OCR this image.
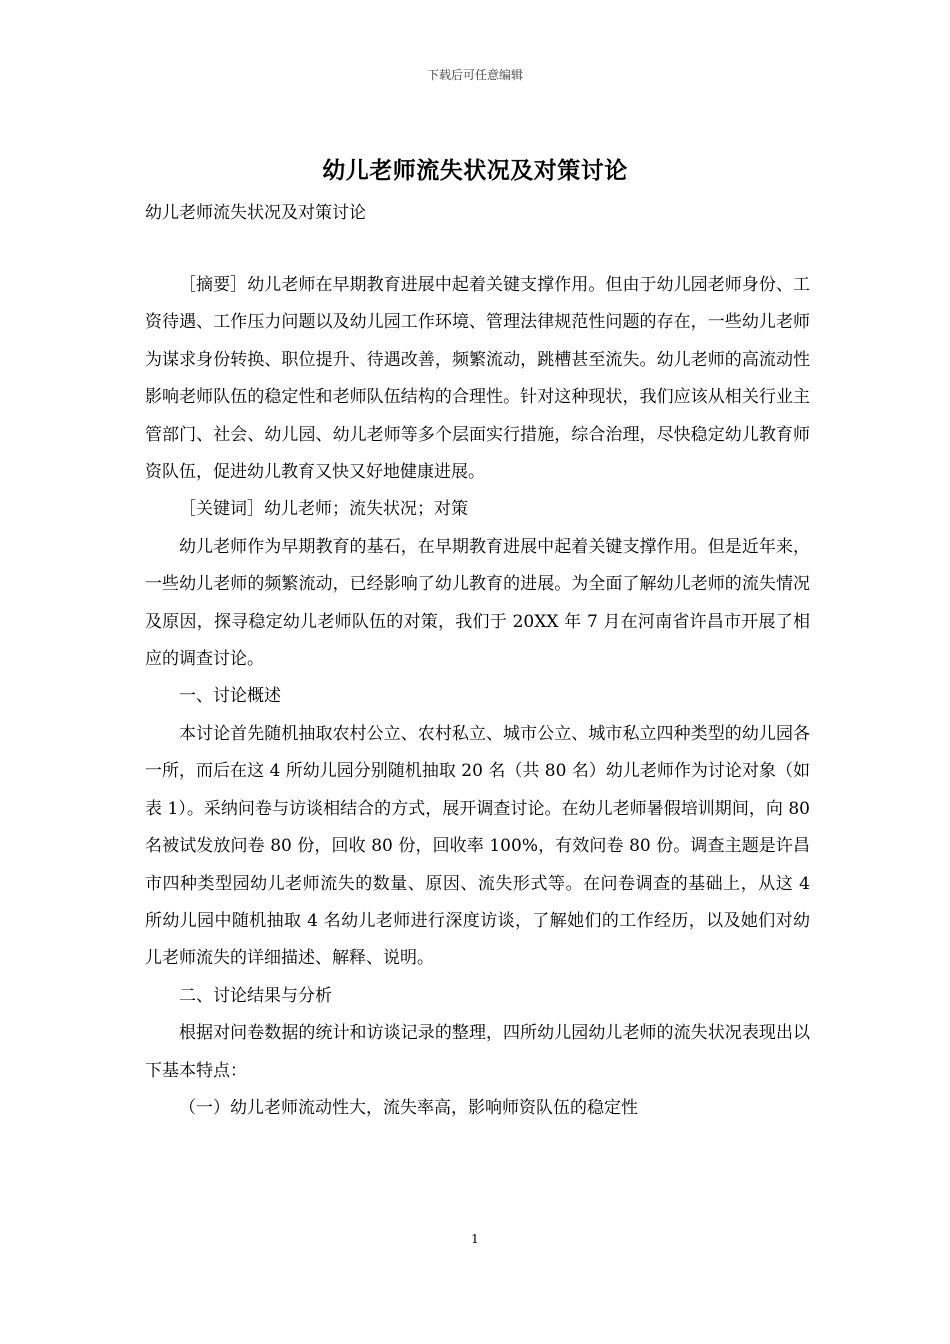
下载后可任意编辑
幼儿老师流失状况及对策讨论
幼儿老师流失状况及对策讨论

［摘要］幼儿老师在早期教育进展中起着关键支撑作用。但由于幼儿园老师身份、工资待遇、工作压力问题以及幼儿园工作环境、管理法律规范性问题的存在，一些幼儿老师为谋求身份转换、职位提升、待遇改善，频繁流动，跳槽甚至流失。幼儿老师的高流动性影响老师队伍的稳定性和老师队伍结构的合理性。针对这种现状，我们应该从相关行业主管部门、社会、幼儿园、幼儿老师等多个层面实行措施，综合治理，尽快稳定幼儿教育师资队伍，促进幼儿教育又快又好地健康进展。

［关键词］幼儿老师；流失状况；对策

幼儿老师作为早期教育的基石，在早期教育进展中起着关键支撑作用。但是近年来，一些幼儿老师的频繁流动，已经影响了幼儿教育的进展。为全面了解幼儿老师的流失情况及原因，探寻稳定幼儿老师队伍的对策，我们于 20XX 年 7 月在河南省许昌市开展了相应的调查讨论。

一、讨论概述

本讨论首先随机抽取农村公立、农村私立、城市公立、城市私立四种类型的幼儿园各一所，而后在这 4 所幼儿园分别随机抽取 20 名（共 80 名）幼儿老师作为讨论对象（如表 1）。采纳问卷与访谈相结合的方式，展开调查讨论。在幼儿老师暑假培训期间，向 80 名被试发放问卷 80 份，回收 80 份，回收率 100%，有效问卷 80 份。调查主题是许昌市四种类型园幼儿老师流失的数量、原因、流失形式等。在问卷调查的基础上，从这 4 所幼儿园中随机抽取 4 名幼儿老师进行深度访谈，了解她们的工作经历，以及她们对幼儿老师流失的详细描述、解释、说明。

二、讨论结果与分析

根据对问卷数据的统计和访谈记录的整理，四所幼儿园幼儿老师的流失状况表现出以下基本特点：

（一）幼儿老师流动性大，流失率高，影响师资队伍的稳定性

1
